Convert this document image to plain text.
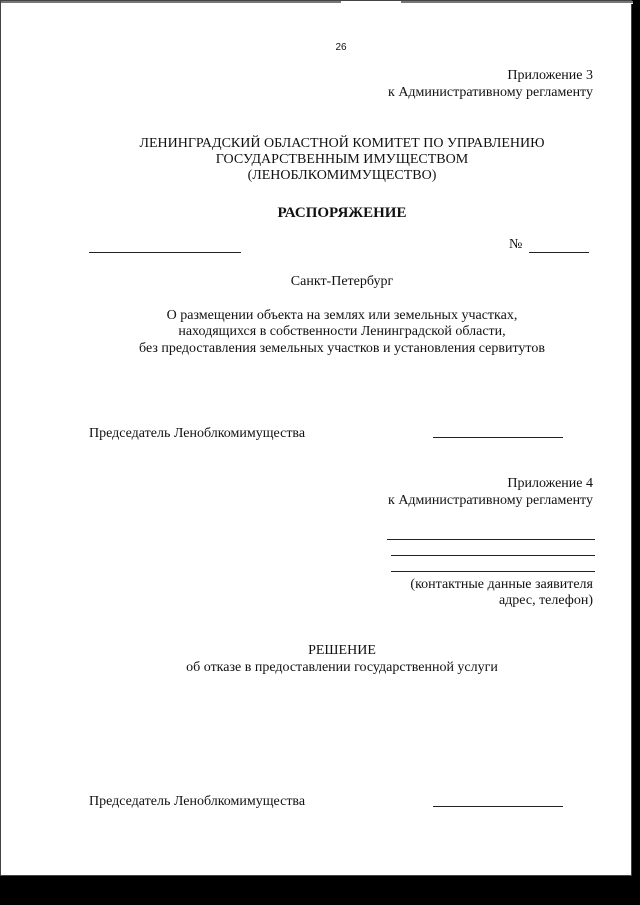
26
Приложение 3
к Административному регламенту
ЛЕНИНГРАДСКИЙ ОБЛАСТНОЙ КОМИТЕТ ПО УПРАВЛЕНИЮ
ГОСУДАРСТВЕННЫМ ИМУЩЕСТВОМ
(ЛЕНОБЛКОМИМУЩЕСТВО)
РАСПОРЯЖЕНИЕ
№
Санкт-Петербург
О размещении объекта на землях или земельных участках,
находящихся в собственности Ленинградской области,
без предоставления земельных участков и установления сервитутов
Председатель Леноблкомимущества
Приложение 4
к Административному регламенту
(контактные данные заявителя
адрес, телефон)
РЕШЕНИЕ
об отказе в предоставлении государственной услуги
Председатель Леноблкомимущества
